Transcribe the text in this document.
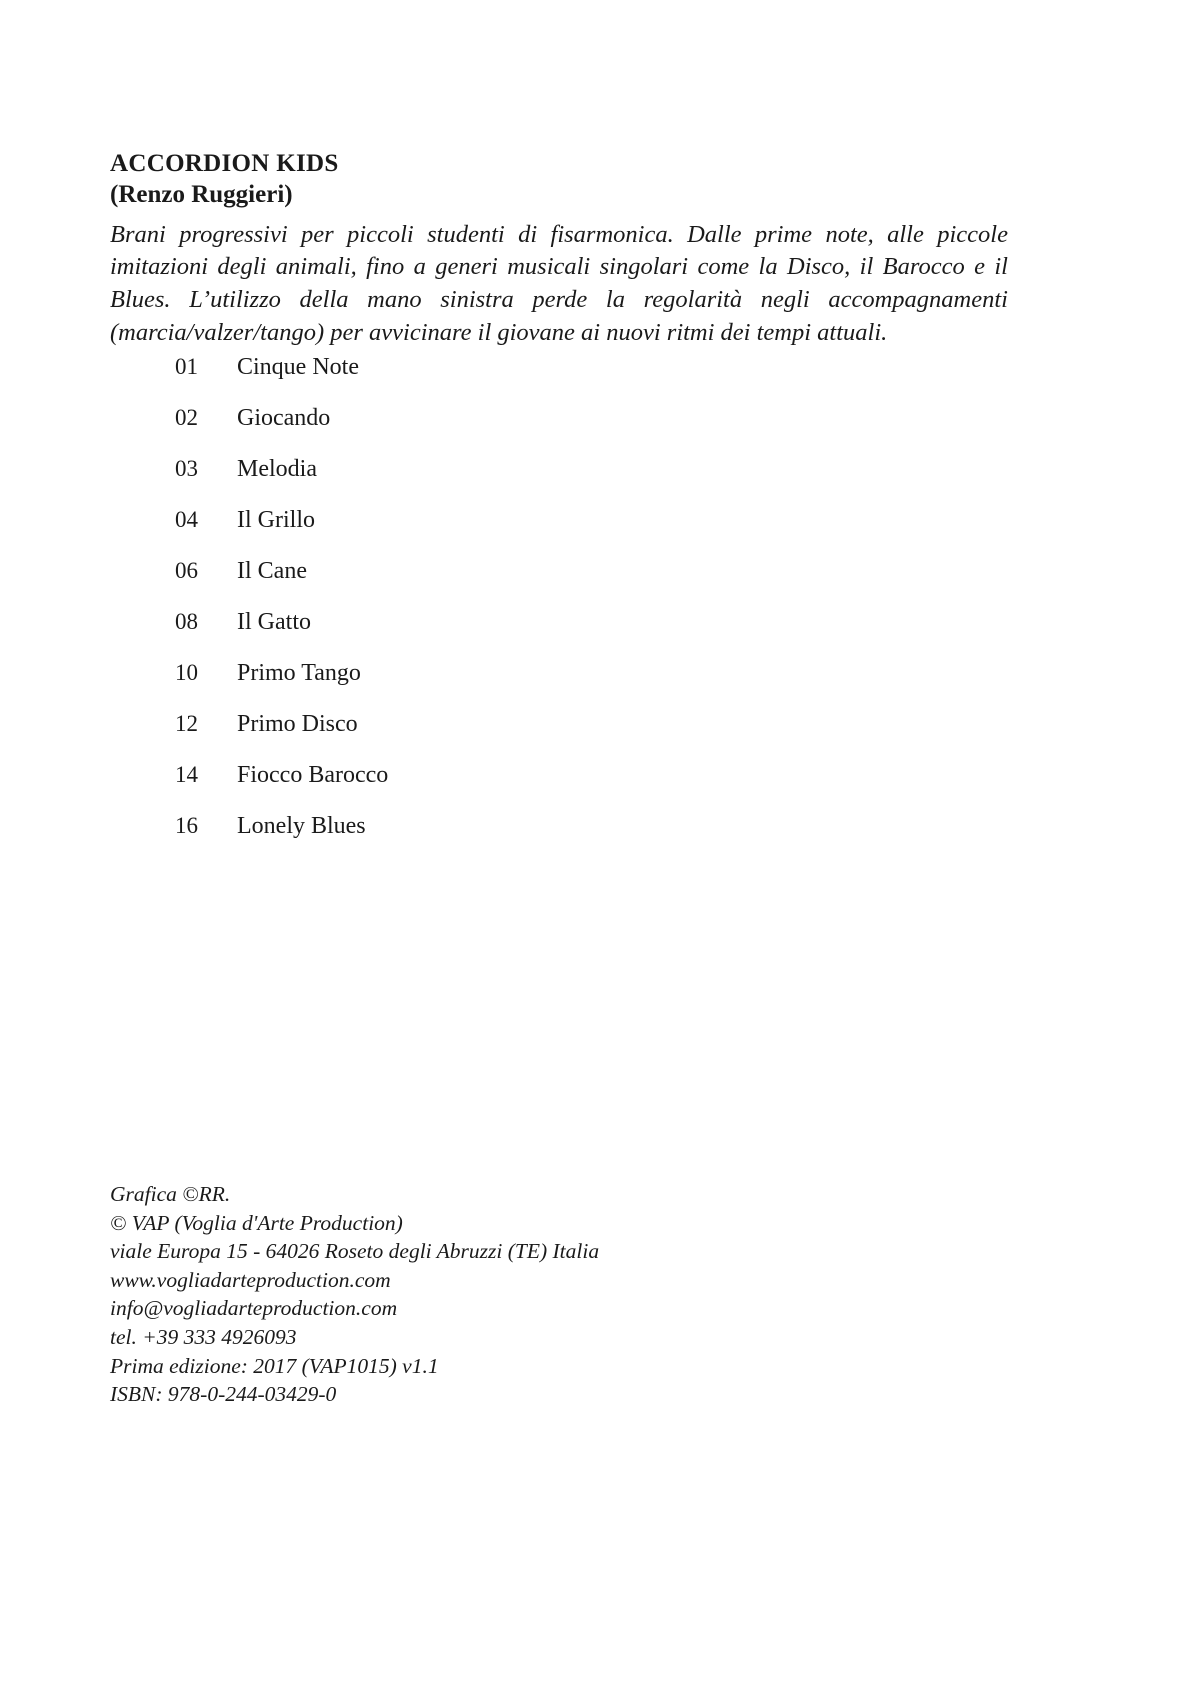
ACCORDION KIDS
(Renzo Ruggieri)

Brani progressivi per piccoli studenti di fisarmonica. Dalle prime note, alle piccole imitazioni degli animali, fino a generi musicali singolari come la Disco, il Barocco e il Blues. L’utilizzo della mano sinistra perde la regolarità negli accompagnamenti (marcia/valzer/tango) per avvicinare il giovane ai nuovi ritmi dei tempi attuali.

01	Cinque Note
02	Giocando
03	Melodia
04	Il Grillo
06	Il Cane
08	Il Gatto
10	Primo Tango
12	Primo Disco
14	Fiocco Barocco
16	Lonely Blues
Grafica ©RR.
© VAP (Voglia d'Arte Production)
viale Europa 15 - 64026 Roseto degli Abruzzi (TE) Italia
www.vogliadarteproduction.com
info@vogliadarteproduction.com
tel. +39 333 4926093
Prima edizione: 2017 (VAP1015) v1.1
ISBN: 978-0-244-03429-0
